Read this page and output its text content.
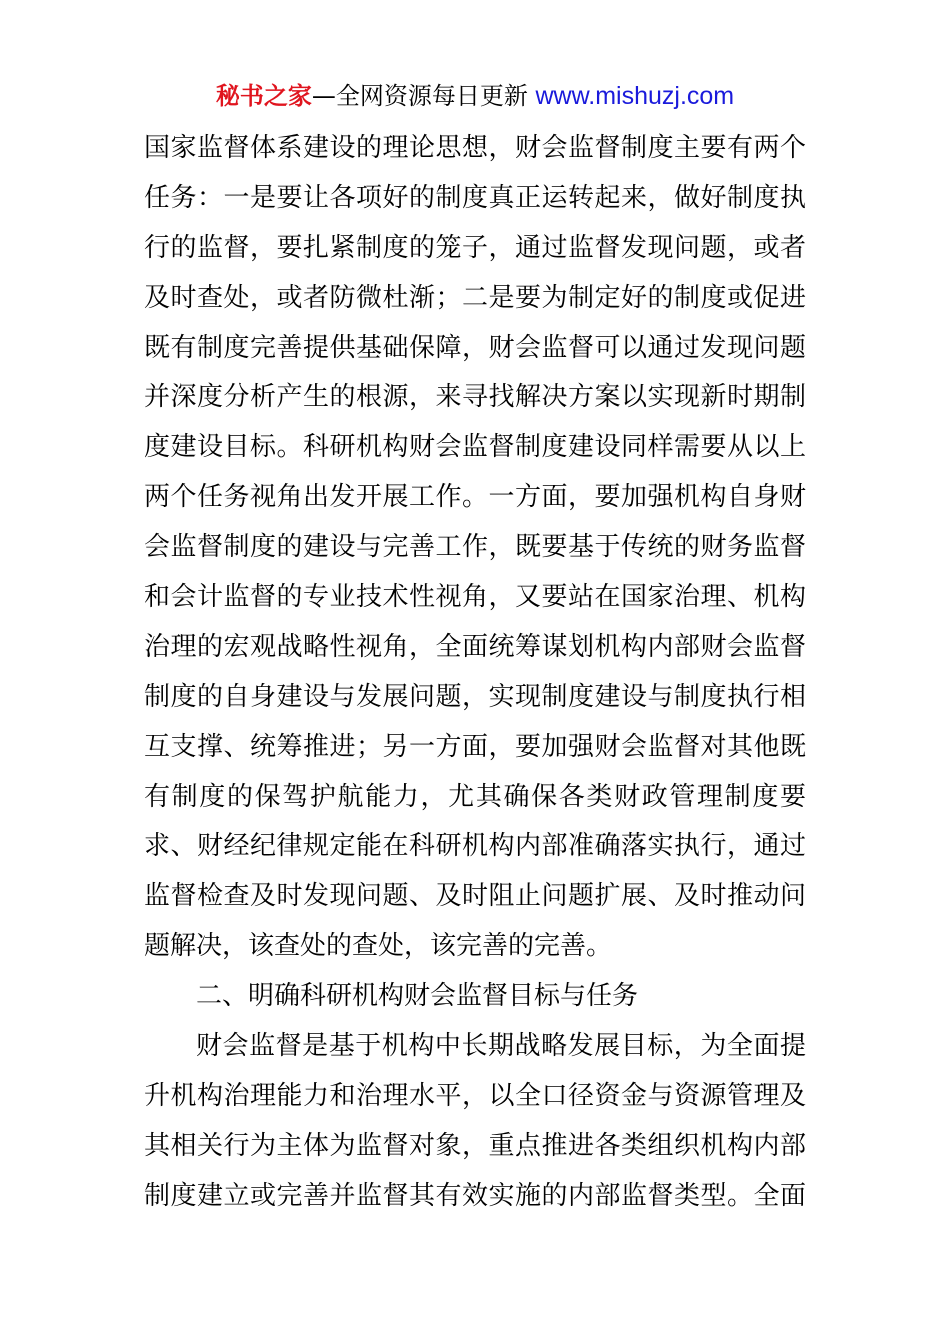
秘书之家—全网资源每日更新 www.mishuzj.com
国家监督体系建设的理论思想，财会监督制度主要有两个
任务：一是要让各项好的制度真正运转起来，做好制度执
行的监督，要扎紧制度的笼子，通过监督发现问题，或者
及时查处，或者防微杜渐；二是要为制定好的制度或促进
既有制度完善提供基础保障，财会监督可以通过发现问题
并深度分析产生的根源，来寻找解决方案以实现新时期制
度建设目标。科研机构财会监督制度建设同样需要从以上
两个任务视角出发开展工作。一方面，要加强机构自身财
会监督制度的建设与完善工作，既要基于传统的财务监督
和会计监督的专业技术性视角，又要站在国家治理、机构
治理的宏观战略性视角，全面统筹谋划机构内部财会监督
制度的自身建设与发展问题，实现制度建设与制度执行相
互支撑、统筹推进；另一方面，要加强财会监督对其他既
有制度的保驾护航能力，尤其确保各类财政管理制度要
求、财经纪律规定能在科研机构内部准确落实执行，通过
监督检查及时发现问题、及时阻止问题扩展、及时推动问
题解决，该查处的查处，该完善的完善。
二、明确科研机构财会监督目标与任务
财会监督是基于机构中长期战略发展目标，为全面提
升机构治理能力和治理水平，以全口径资金与资源管理及
其相关行为主体为监督对象，重点推进各类组织机构内部
制度建立或完善并监督其有效实施的内部监督类型。全面
